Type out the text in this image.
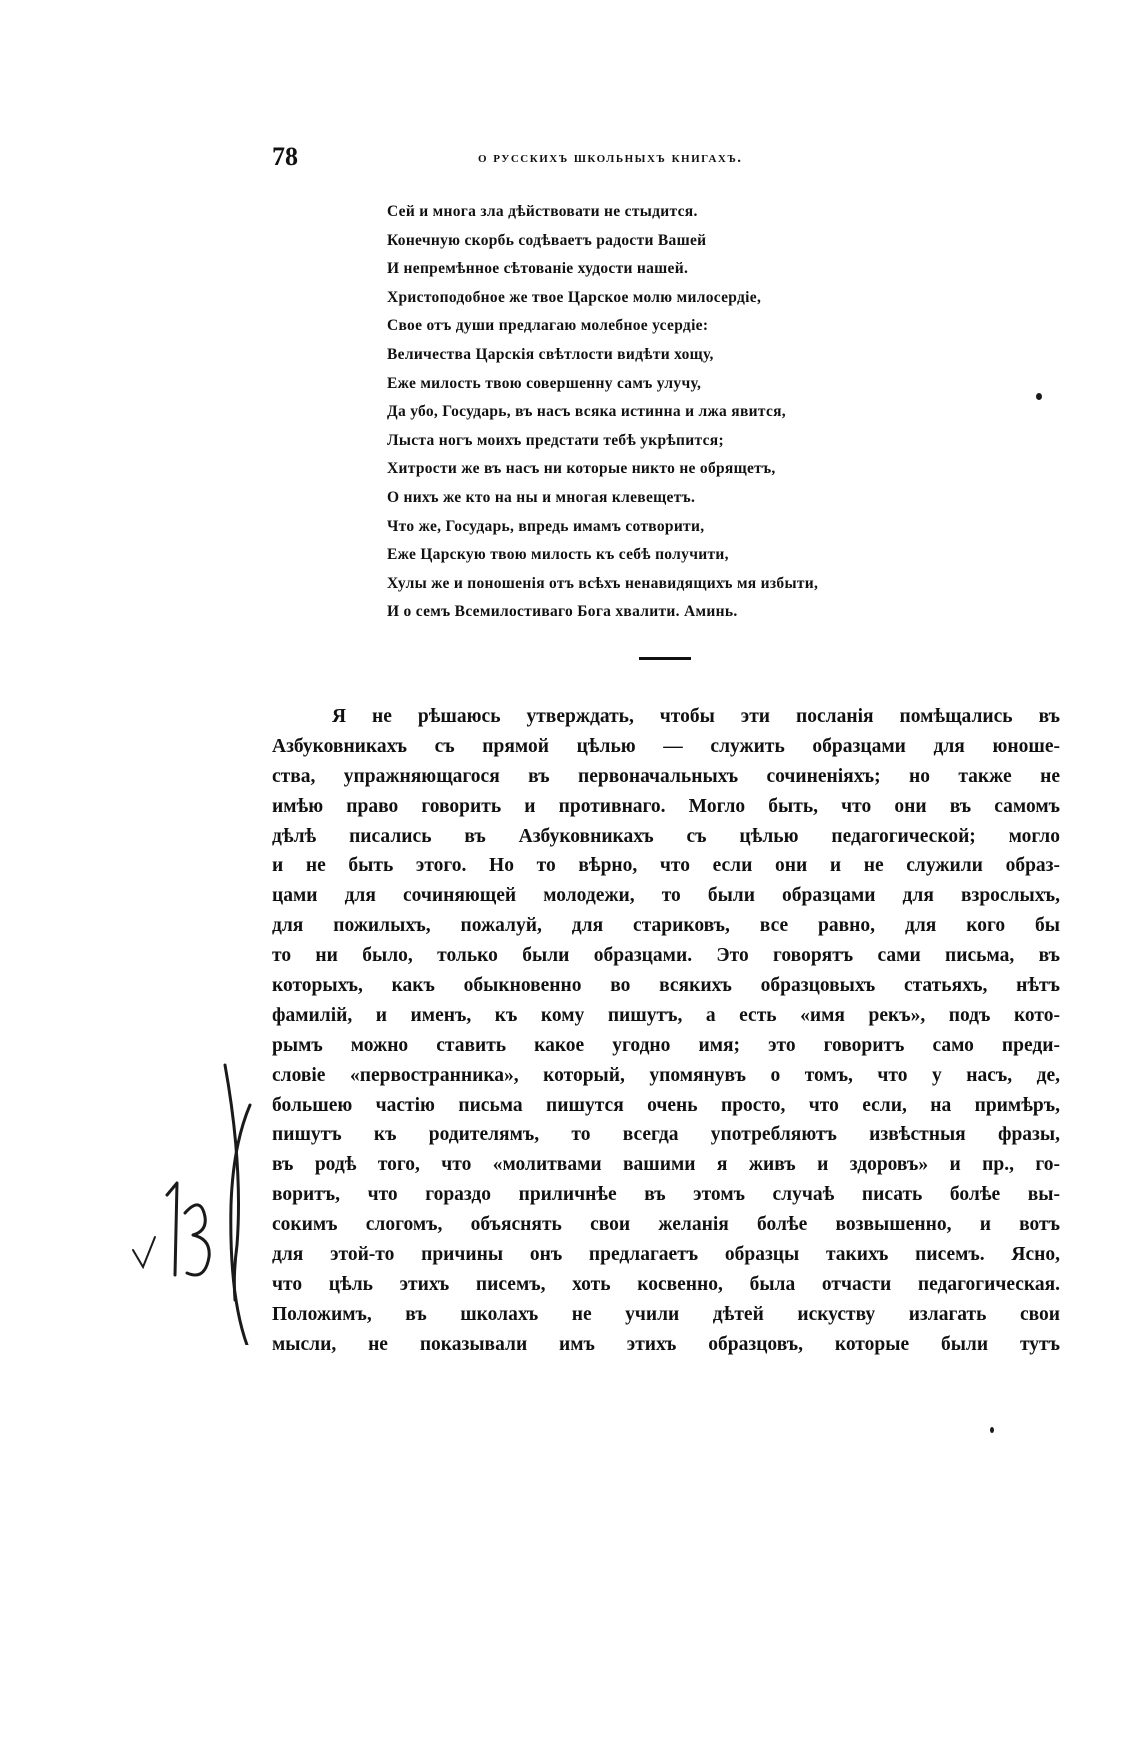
78	о русскихъ школьныхъ книгахъ.
Сей и многа зла дѣйствовати не стыдится.
Конечную скорбь содѣваетъ радости Вашей
И непремѣнное сѣтованіе худости нашей.
Христоподобное же твое Царское молю милосердіе,
Свое отъ души предлагаю молебное усердіе:
Величества Царскія свѣтлости видѣти хощу,
Еже милость твою совершенну самъ улучу,
Да убо, Государь, въ насъ всяка истинна и лжа явится,
Лыста ногъ моихъ предстати тебѣ укрѣпится;
Хитрости же въ насъ ни которые никто не обрящетъ,
О нихъ же кто на ны и многая клевещетъ.
Что же, Государь, впредь имамъ сотворити,
Еже Царскую твою милость къ себѣ получити,
Хулы же и поношенія отъ всѣхъ ненавидящихъ мя избыти,
И о семъ Всемилостиваго Бога хвалити. Аминь.
Я не рѣшаюсь утверждать, чтобы эти посланія помѣщались въ
Азбуковникахъ съ прямой цѣлью — служить образцами для юноше-
ства, упражняющагося въ первоначальныхъ сочиненіяхъ; но также не
имѣю право говорить и противнаго. Могло быть, что они въ самомъ
дѣлѣ писались въ Азбуковникахъ съ цѣлью педагогической; могло
и не быть этого. Но то вѣрно, что если они и не служили образ-
цами для сочиняющей молодежи, то были образцами для взрослыхъ,
для пожилыхъ, пожалуй, для стариковъ, все равно, для кого бы
то ни было, только были образцами. Это говорятъ сами письма, въ
которыхъ, какъ обыкновенно во всякихъ образцовыхъ статьяхъ, нѣтъ
фамилій, и именъ, къ кому пишутъ, а есть «имя рекъ», подъ кото-
рымъ можно ставить какое угодно имя; это говоритъ само преди-
словіе «первостранника», который, упомянувъ о томъ, что у насъ, де,
большею частію письма пишутся очень просто, что если, на примѣръ,
пишутъ къ родителямъ, то всегда употребляютъ извѣстныя фразы,
въ родѣ того, что «молитвами вашими я живъ и здоровъ» и пр., го-
воритъ, что гораздо приличнѣе въ этомъ случаѣ писать болѣе вы-
сокимъ слогомъ, объяснять свои желанія болѣе возвышенно, и вотъ
для этой-то причины онъ предлагаетъ образцы такихъ писемъ. Ясно,
что цѣль этихъ писемъ, хоть косвенно, была отчасти педагогическая.
Положимъ, въ школахъ не учили дѣтей искуству излагать свои
мысли, не показывали имъ этихъ образцовъ, которые были тутъ
